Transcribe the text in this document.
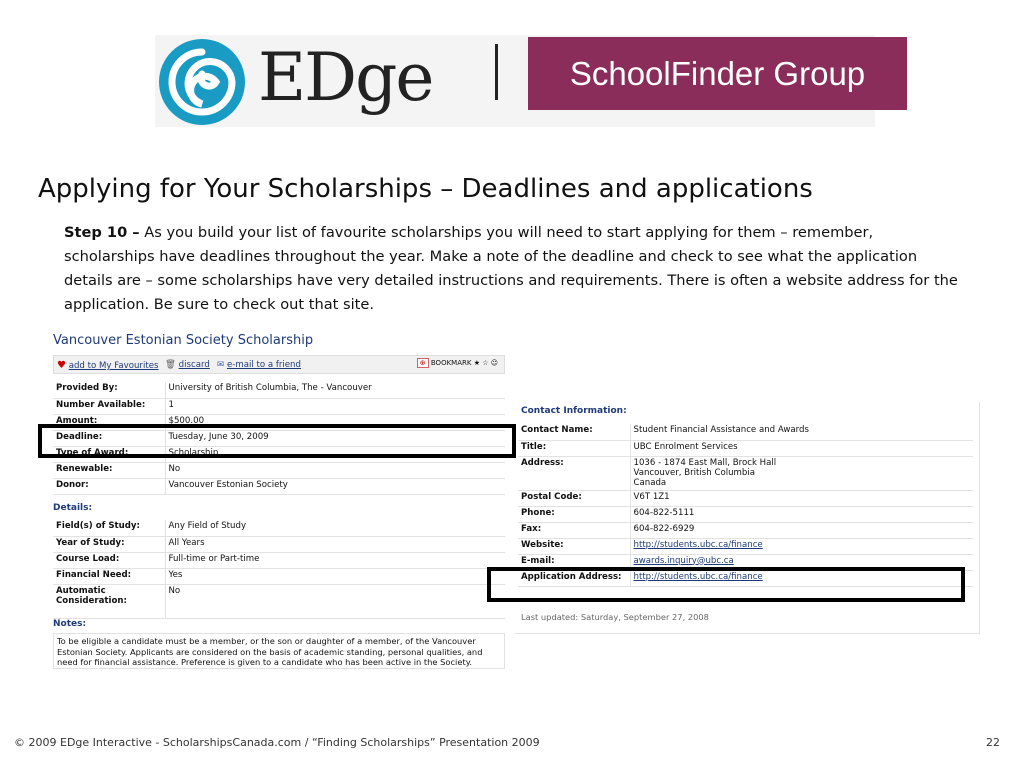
EDge	SchoolFinder Group
Applying for Your Scholarships – Deadlines and applications
Step 10 – As you build your list of favourite scholarships you will need to start applying for them – remember, scholarships have deadlines throughout the year. Make a note of the deadline and check to see what the application details are – some scholarships have very detailed instructions and requirements. There is often a website address for the application. Be sure to check out that site.
Vancouver Estonian Society Scholarship
♥ add to My Favourites 🗑 discard ✉ e-mail to a friend	⊕ BOOKMARK ★ ☆ ☺
Provided By:	University of British Columbia, The - Vancouver
Number Available:	1
Amount:	$500.00
Deadline:	Tuesday, June 30, 2009
Type of Award:	Scholarship
Renewable:	No
Donor:	Vancouver Estonian Society
Details:
Field(s) of Study:	Any Field of Study
Year of Study:	All Years
Course Load:	Full-time or Part-time
Financial Need:	Yes
Automatic Consideration:	No
Notes:
To be eligible a candidate must be a member, or the son or daughter of a member, of the Vancouver Estonian Society. Applicants are considered on the basis of academic standing, personal qualities, and need for financial assistance. Preference is given to a candidate who has been active in the Society.
Contact Information:
Contact Name:	Student Financial Assistance and Awards
Title:	UBC Enrolment Services
Address:	1036 - 1874 East Mall, Brock Hall
Vancouver, British Columbia
Canada
Postal Code:	V6T 1Z1
Phone:	604-822-5111
Fax:	604-822-6929
Website:	http://students.ubc.ca/finance
E-mail:	awards.inquiry@ubc.ca
Application Address:	http://students.ubc.ca/finance
Last updated: Saturday, September 27, 2008
© 2009 EDge Interactive - ScholarshipsCanada.com / “Finding Scholarships” Presentation 2009	22
